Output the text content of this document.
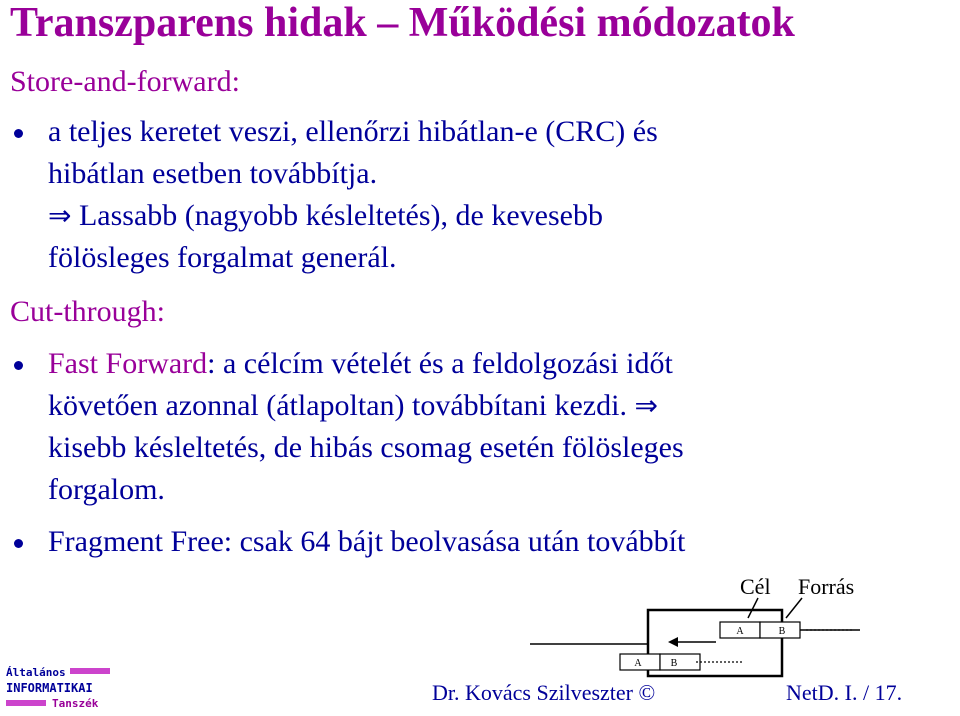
Transzparens hidak – Működési módozatok
Store-and-forward:
a teljes keretet veszi, ellenőrzi hibátlan-e (CRC) és
hibátlan esetben továbbítja.
⇒ Lassabb (nagyobb késleltetés), de kevesebb
fölösleges forgalmat generál.
Cut-through:
Fast Forward: a célcím vételét és a feldolgozási időt
követően azonnal (átlapoltan) továbbítani kezdi. ⇒
kisebb késleltetés, de hibás csomag esetén fölösleges
forgalom.
Fragment Free: csak 64 bájt beolvasása után továbbít
Cél Forrás
A	B
A	B
Általános
INFORMATIKAI
Tanszék	Dr. Kovács Szilveszter ©	NetD. I. / 17.
